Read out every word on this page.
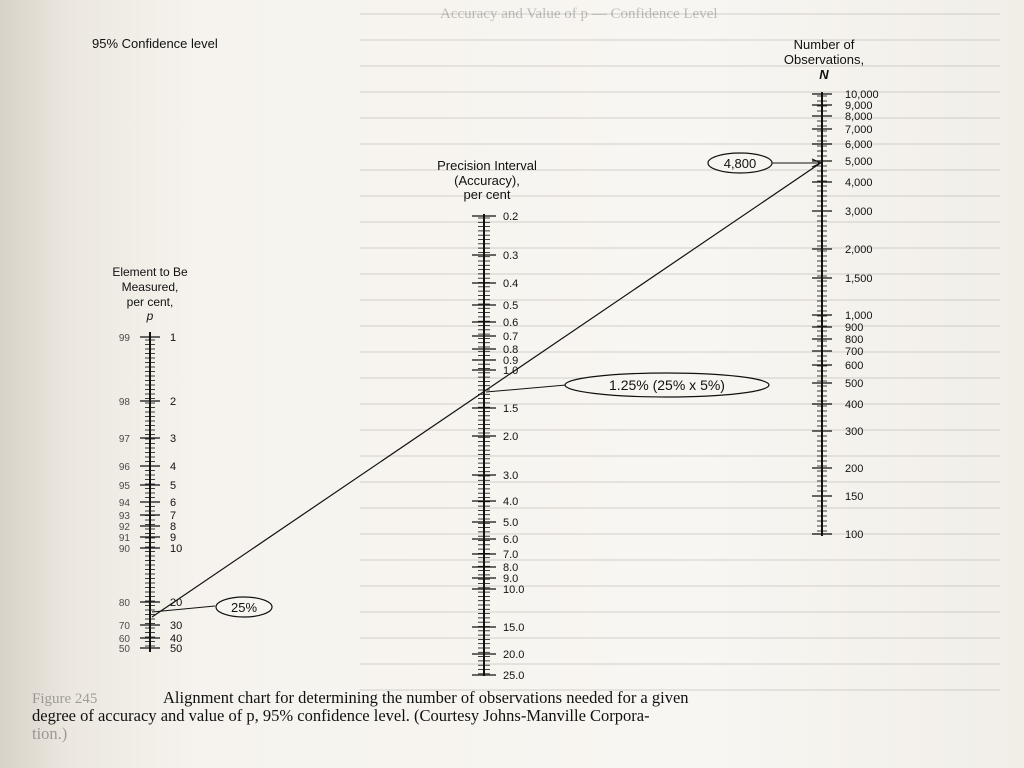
Accuracy and Value of p — Confidence Level
95% Confidence level
Element to Be
Measured,
per cent,
p
Precision Interval
(Accuracy),
per cent
Number of
Observations,
N
99	1
98	2
97	3
96	4
95	5
94	6
93	7
92	8
91	9
90	10
80	20
70	30
60	40
50	50
0.2
0.3
0.4
0.5
0.6
0.7
0.8
0.9
1.0
1.5
2.0
3.0
4.0
5.0
6.0
7.0
8.0
9.0
10.0
15.0
20.0
25.0
10,000
9,000
8,000
7,000
6,000
5,000
4,000
3,000
2,000
1,500
1,000
900
800
700
600
500
400
300
200
150
100
25%
1.25% (25% x 5%)
4,800
Figure 245	Alignment chart for determining the number of observations needed for a given
degree of accuracy and value of p, 95% confidence level. (Courtesy Johns-Manville Corpora-
tion.)
